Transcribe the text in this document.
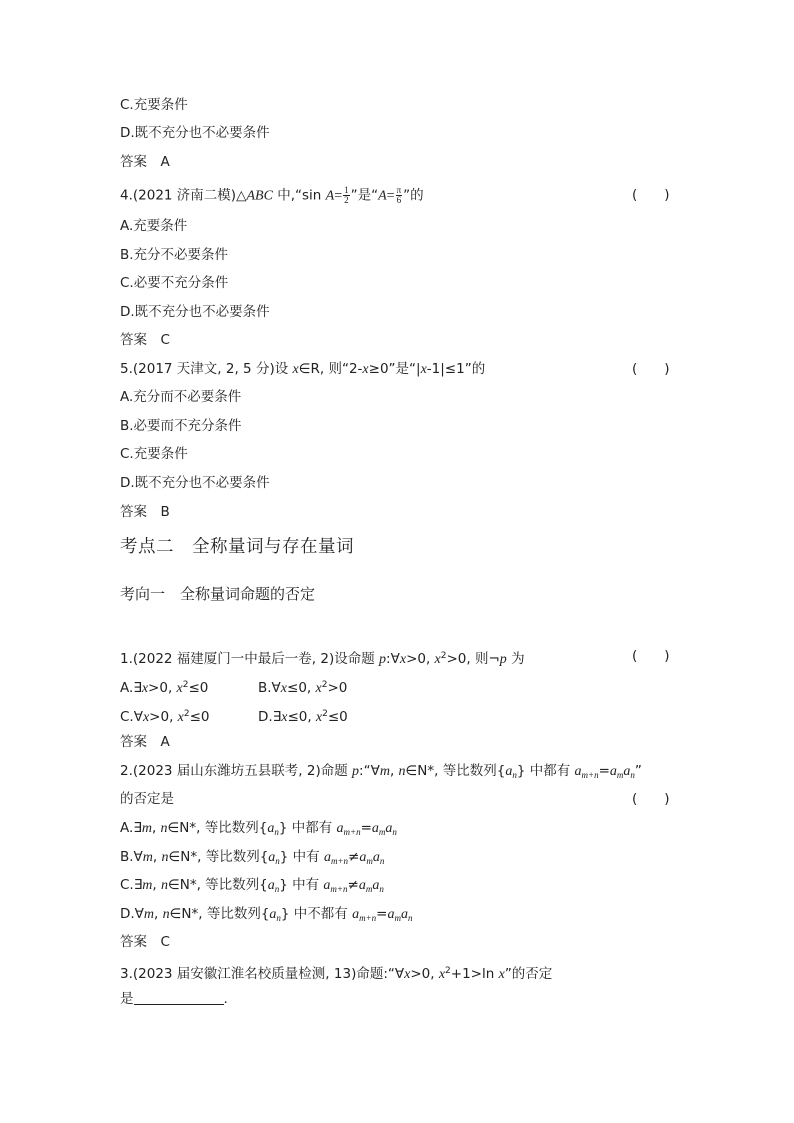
C.充要条件
D.既不充分也不必要条件
答案　A
4.(2021 济南二模)△ABC 中,“sin $A= \frac{1}{2}$ ”是“$A= \frac{\pi}{6}$ ”的	(　　)
A.充要条件
B.充分不必要条件
C.必要不充分条件
D.既不充分也不必要条件
答案　C
5.(2017 天津文, 2, 5 分)设 x∈R, 则“2-x≥0”是“|x-1|≤1”的	(　　)
A.充分而不必要条件
B.必要而不充分条件
C.充要条件
D.既不充分也不必要条件
答案　B
考点二　全称量词与存在量词
考向一　全称量词命题的否定
1.(2022 福建厦门一中最后一卷, 2)设命题 p:∀x>0, $x^2>0$, 则¬p 为	(　　)
A.∃x>0, $x^2\le 0$	B.∀x≤0, $x^2>0$
C.∀x>0, $x^2\le 0$	D.∃x≤0, $x^2\le 0$
答案　A
2.(2023 届山东潍坊五县联考, 2)命题 p:“∀m, n∈N*, 等比数列$\{a_n\}$ 中都有 $a_{m+n}=a_ma_n$”
的否定是	(　　)
A.∃m, n∈N*, 等比数列$\{a_n\}$ 中都有 $a_{m+n}=a_ma_n$
B.∀m, n∈N*, 等比数列$\{a_n\}$ 中有 $a_{m+n}\ne a_ma_n$
C.∃m, n∈N*, 等比数列$\{a_n\}$ 中有 $a_{m+n}\ne a_ma_n$
D.∀m, n∈N*, 等比数列$\{a_n\}$ 中不都有 $a_{m+n}=a_ma_n$
答案　C
3.(2023 届安徽江淮名校质量检测, 13)命题:“∀x>0, $x^2+1>\ln$ x”的否定
是	.
